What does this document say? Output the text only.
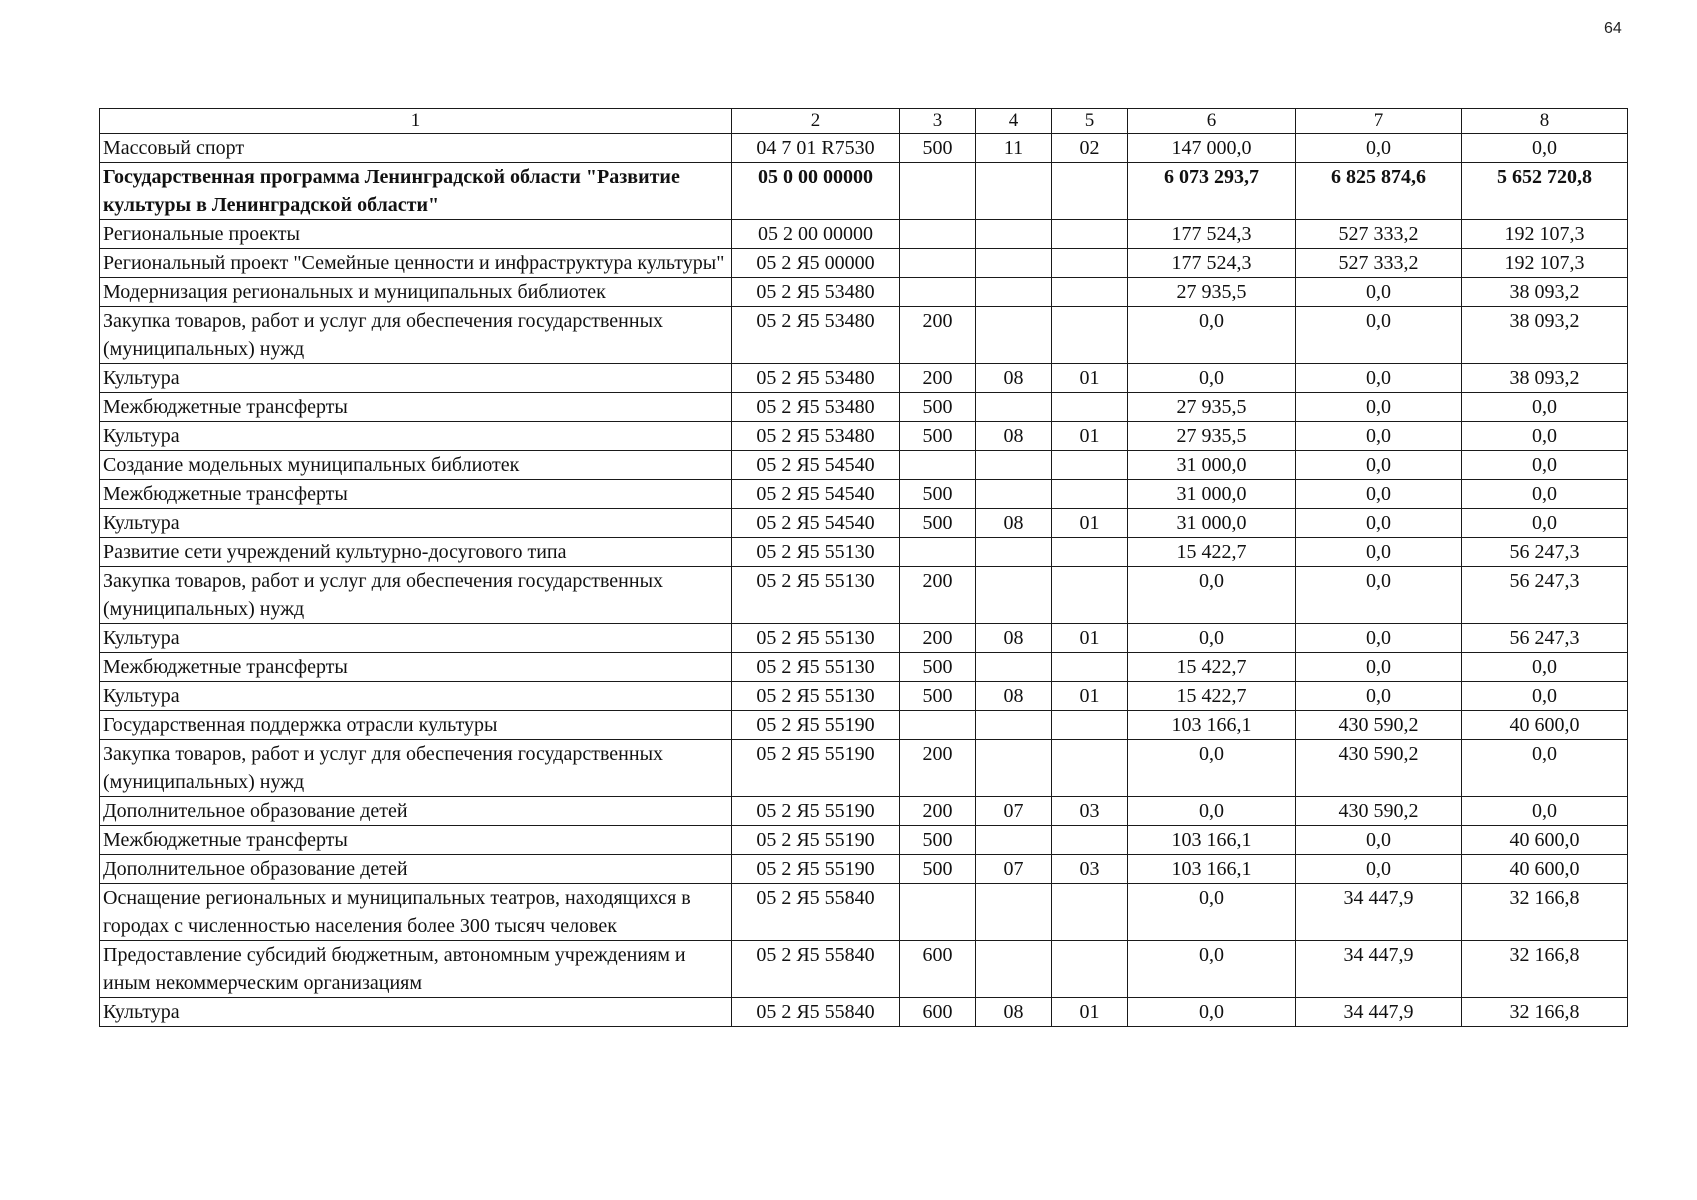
64
1	2	3	4	5	6	7	8
Массовый спорт	04 7 01 R7530	500	11	02	147 000,0	0,0	0,0
Государственная программа Ленинградской области "Развитие культуры в Ленинградской области"	05 0 00 00000				6 073 293,7	6 825 874,6	5 652 720,8
Региональные проекты	05 2 00 00000				177 524,3	527 333,2	192 107,3
Региональный проект "Семейные ценности и инфраструктура культуры"	05 2 Я5 00000				177 524,3	527 333,2	192 107,3
Модернизация региональных и муниципальных библиотек	05 2 Я5 53480				27 935,5	0,0	38 093,2
Закупка товаров, работ и услуг для обеспечения государственных (муниципальных) нужд	05 2 Я5 53480	200			0,0	0,0	38 093,2
Культура	05 2 Я5 53480	200	08	01	0,0	0,0	38 093,2
Межбюджетные трансферты	05 2 Я5 53480	500			27 935,5	0,0	0,0
Культура	05 2 Я5 53480	500	08	01	27 935,5	0,0	0,0
Создание модельных муниципальных библиотек	05 2 Я5 54540				31 000,0	0,0	0,0
Межбюджетные трансферты	05 2 Я5 54540	500			31 000,0	0,0	0,0
Культура	05 2 Я5 54540	500	08	01	31 000,0	0,0	0,0
Развитие сети учреждений культурно-досугового типа	05 2 Я5 55130				15 422,7	0,0	56 247,3
Закупка товаров, работ и услуг для обеспечения государственных (муниципальных) нужд	05 2 Я5 55130	200			0,0	0,0	56 247,3
Культура	05 2 Я5 55130	200	08	01	0,0	0,0	56 247,3
Межбюджетные трансферты	05 2 Я5 55130	500			15 422,7	0,0	0,0
Культура	05 2 Я5 55130	500	08	01	15 422,7	0,0	0,0
Государственная поддержка отрасли культуры	05 2 Я5 55190				103 166,1	430 590,2	40 600,0
Закупка товаров, работ и услуг для обеспечения государственных (муниципальных) нужд	05 2 Я5 55190	200			0,0	430 590,2	0,0
Дополнительное образование детей	05 2 Я5 55190	200	07	03	0,0	430 590,2	0,0
Межбюджетные трансферты	05 2 Я5 55190	500			103 166,1	0,0	40 600,0
Дополнительное образование детей	05 2 Я5 55190	500	07	03	103 166,1	0,0	40 600,0
Оснащение региональных и муниципальных театров, находящихся в городах с численностью населения более 300 тысяч человек	05 2 Я5 55840				0,0	34 447,9	32 166,8
Предоставление субсидий бюджетным, автономным учреждениям и иным некоммерческим организациям	05 2 Я5 55840	600			0,0	34 447,9	32 166,8
Культура	05 2 Я5 55840	600	08	01	0,0	34 447,9	32 166,8
